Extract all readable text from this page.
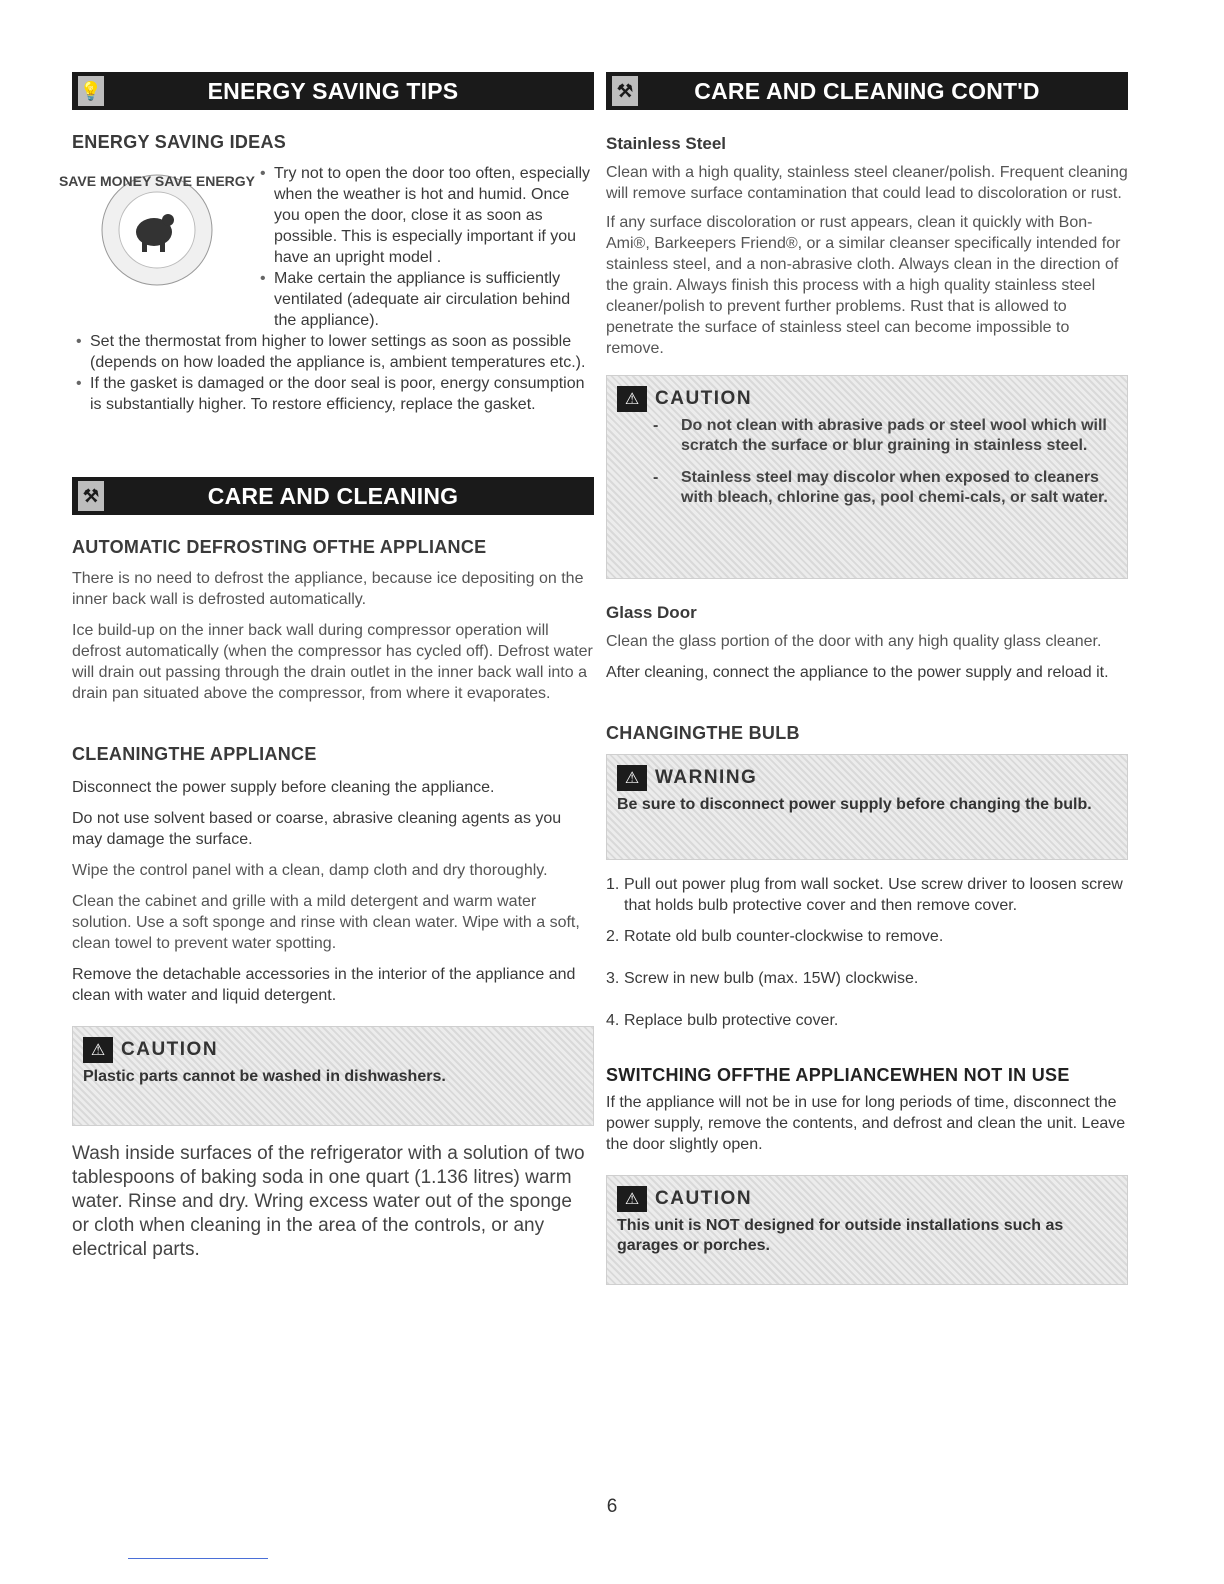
💡	ENERGY SAVING TIPS
ENERGY SAVING IDEAS
SAVE MONEY SAVE ENERGY
•	Try not to open the door too often, especially when the weather is hot and humid. Once you open the door, close it as soon as possible. This is especially important if you have an upright model .
• Make certain the appliance is sufficiently ventilated (adequate air circulation behind the appliance).
• Set the thermostat from higher to lower settings as soon as possible (depends on how loaded the appliance is, ambient temperatures etc.).
• If the gasket is damaged or the door seal is poor, energy consumption is substantially higher. To restore efficiency, replace the gasket.
⚒	CARE AND CLEANING
AUTOMATIC DEFROSTING OFTHE APPLIANCE

There is no need to defrost the appliance, because ice depositing on the inner back wall is defrosted automatically.

Ice build-up on the inner back wall during compressor operation will defrost automatically (when the compressor has cycled off). Defrost water will drain out passing through the drain outlet in the inner back wall into a drain pan situated above the compressor, from where it evaporates.

CLEANINGTHE APPLIANCE

Disconnect the power supply before cleaning the appliance.

Do not use solvent based or coarse, abrasive cleaning agents as you may damage the surface.

Wipe the control panel with a clean, damp cloth and dry thoroughly.

Clean the cabinet and grille with a mild detergent and warm water solution. Use a soft sponge and rinse with clean water. Wipe with a soft, clean towel to prevent water spotting.

Remove the detachable accessories in the interior of the appliance and clean with water and liquid detergent.

⚠ CAUTION
Plastic parts cannot be washed in dishwashers.

Wash inside surfaces of the refrigerator with a solution of two tablespoons of baking soda in one quart (1.136 litres) warm water. Rinse and dry. Wring excess water out of the sponge or cloth when cleaning in the area of the controls, or any electrical parts.

⚒	CARE AND CLEANING CONT'D
Stainless Steel

Clean with a high quality, stainless steel cleaner/polish. Frequent cleaning will remove surface contamination that could lead to discoloration or rust.

If any surface discoloration or rust appears, clean it quickly with Bon-Ami®, Barkeepers Friend®, or a similar cleanser specifically intended for stainless steel, and a non-abrasive cloth. Always clean in the direction of the grain. Always finish this process with a high quality stainless steel cleaner/polish to prevent further problems. Rust that is allowed to penetrate the surface of stainless steel can become impossible to remove.

⚠ CAUTION
- Do not clean with abrasive pads or steel wool which will scratch the surface or blur graining in stainless steel.
- Stainless steel may discolor when exposed to cleaners with bleach, chlorine gas, pool chemi-cals, or salt water.
Glass Door

Clean the glass portion of the door with any high quality glass cleaner.

After cleaning, connect the appliance to the power supply and reload it.

CHANGINGTHE BULB
⚠ WARNING
Be sure to disconnect power supply before changing the bulb.
1. Pull out power plug from wall socket. Use screw driver to loosen screw that holds bulb protective cover and then remove cover.
2. Rotate old bulb counter-clockwise to remove.
3. Screw in new bulb (max. 15W) clockwise.
4. Replace bulb protective cover.
SWITCHING OFFTHE APPLIANCEWHEN NOT IN USE

If the appliance will not be in use for long periods of time, disconnect the power supply, remove the contents, and defrost and clean the unit. Leave the door slightly open.

⚠ CAUTION
This unit is NOT designed for outside installations such as garages or porches.
6
